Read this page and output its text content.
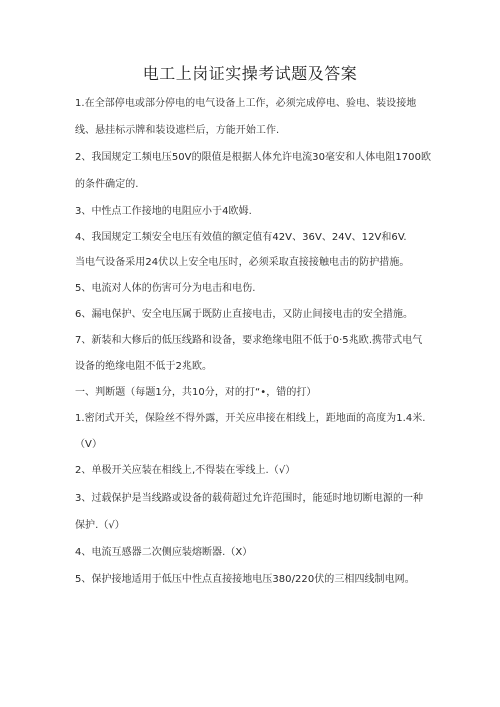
电工上岗证实操考试题及答案
1.在全部停电或部分停电的电气设备上工作，必须完成停电、验电、装设接地
线、悬挂标示牌和装设遮栏后，方能开始工作.
2、我国规定工频电压50V的限值是根据人体允许电流30毫安和人体电阻1700欧
的条件确定的.
3、中性点工作接地的电阻应小于4欧姆.
4、我国规定工频安全电压有效值的额定值有42V、36V、24V、12V和6V.
当电气设备采用24伏以上安全电压时，必须采取直接接触电击的防护措施。
5、电流对人体的伤害可分为电击和电伤.
6、漏电保护、安全电压属于既防止直接电击，又防止间接电击的安全措施。
7、新装和大修后的低压线路和设备，要求绝缘电阻不低于0·5兆欧.携带式电气
设备的绝缘电阻不低于2兆欧。
一、判断题（每题1分，共10分，对的打“•，错的打）
1.密闭式开关，保险丝不得外露，开关应串接在相线上，距地面的高度为1.4米.
（V）
2、单极开关应装在相线上,不得装在零线上.（√）
3、过载保护是当线路或设备的载荷超过允许范围时，能延时地切断电源的一种
保护.（√）
4、电流互感器二次侧应装熔断器.（X）
5、保护接地适用于低压中性点直接接地电压380/220伏的三相四线制电网。
